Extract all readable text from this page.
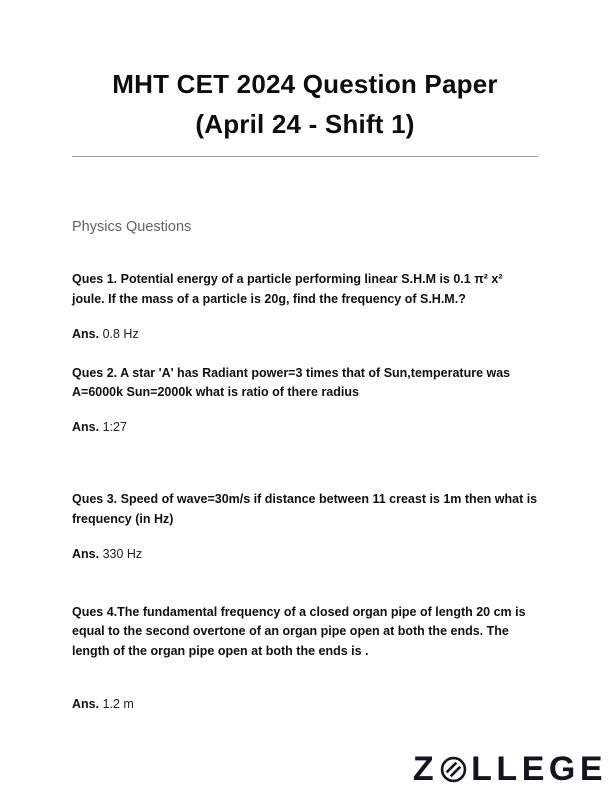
MHT CET 2024 Question Paper
(April 24 - Shift 1)
Physics Questions

Ques 1. Potential energy of a particle performing linear S.H.M is 0.1 π² x² joule. If the mass of a particle is 20g, find the frequency of S.H.M.?

Ans. 0.8 Hz

Ques 2. A star 'A' has Radiant power=3 times that of Sun,temperature was A=6000k Sun=2000k what is ratio of there radius

Ans. 1:27

Ques 3. Speed of wave=30m/s if distance between 11 creast is 1m then what is frequency (in Hz)

Ans. 330 Hz

Ques 4.The fundamental frequency of a closed organ pipe of length 20 cm is equal to the second overtone of an organ pipe open at both the ends. The length of the organ pipe open at both the ends is .

Ans. 1.2 m

Z LLEGE
